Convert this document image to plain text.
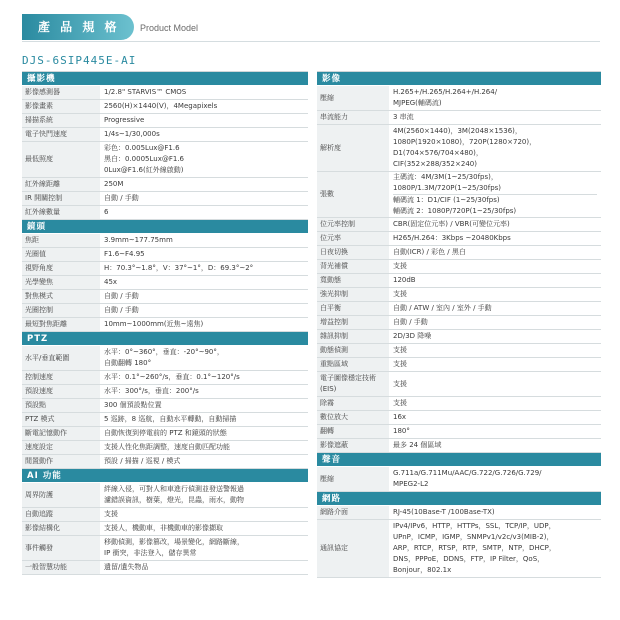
產 品 規 格	Product Model
DJS-6SIP445E-AI
攝影機
影像感測器	1/2.8" STARVIS™ CMOS
影像畫素	2560(H)×1440(V)，4Megapixels
掃描系統	Progressive
電子快門速度	1/4s~1/30,000s
最低照度
彩色：0.005Lux@F1.6
黑白：0.0005Lux@F1.6
0Lux@F1.6(紅外線啟動)
紅外線距離	250M
IR 開關控制	自動 / 手動
紅外線數量	6
鏡頭
焦距	3.9mm~177.75mm
光圈值	F1.6~F4.95
視野角度	H：70.3°~1.8°，V：37°~1°，D：69.3°~2°
光學變焦	45x
對焦模式	自動 / 手動
光圈控制	自動 / 手動
最短對焦距離	10mm~1000mm(近焦~遠焦)
PTZ
水平/垂直範圍
水平：0°~360°，垂直：-20°~90°，
自動翻轉 180°
控制速度	水平：0.1°~260°/s，垂直：0.1°~120°/s
預設速度	水平：300°/s，垂直：200°/s
預設點	300 個預設點位置
PTZ 模式	5 巡跡，8 巡航，自動水平轉動，自動掃描
斷電記憶動作	自動恢復到停電前的 PTZ 和鏡頭的狀態
速度設定	支援人性化焦距調整，速度自動匹配功能
閒置動作	預設 / 掃描 / 巡視 / 模式
AI 功能
周界防護
絆線入侵，可對人和車進行偵測並發送警報過
濾錯誤資訊，樹葉，燈光，昆蟲，雨水，動物
自動追蹤	支援
影像結構化	支援人，機動車，非機動車的影像擷取
事件觸發
移動偵測，影像篡改，場景變化，網路斷線，
IP 衝突，非法登入，儲存異常
一般智慧功能	遺留/遺失物品
影像
壓縮
H.265+/H.265/H.264+/H.264/
MJPEG(輔碼流)
串流能力	3 串流
解析度
4M(2560×1440)，3M(2048×1536)，
1080P(1920×1080)，720P(1280×720)，
D1(704×576/704×480)，
CIF(352×288/352×240)
張數
主碼流：4M/3M(1~25/30fps)，
1080P/1.3M/720P(1~25/30fps)
輔碼流 1：D1/CIF (1~25/30fps)
輔碼流 2：1080P/720P(1~25/30fps)
位元率控制	CBR(固定位元率) / VBR(可變位元率)
位元率	H265/H.264：3Kbps ~20480Kbps
日夜切換	自動(ICR) / 彩色 / 黑白
背光補償	支援
寬動態	120dB
強光抑制	支援
白平衡	自動 / ATW / 室內 / 室外 / 手動
增益控制	自動 / 手動
雜訊抑制	2D/3D 降噪
動態偵測	支援
重點區域	支援
電子圖像穩定技術(EIS)
支援
除霧	支援
數位放大	16x
翻轉	180°
影像遮蔽	最多 24 個區域
聲音
壓縮
G.711a/G.711Mu/AAC/G.722/G.726/G.729/
MPEG2-L2
網路
網路介面	RJ-45(10Base-T /100Base-TX)
通訊協定
IPv4/IPv6，HTTP，HTTPs，SSL，TCP/IP，UDP，
UPnP，ICMP，IGMP，SNMPv1/v2c/v3(MIB-2)，
ARP，RTCP，RTSP，RTP，SMTP，NTP，DHCP，
DNS，PPPoE，DDNS，FTP，IP Filter，QoS，
Bonjour，802.1x
